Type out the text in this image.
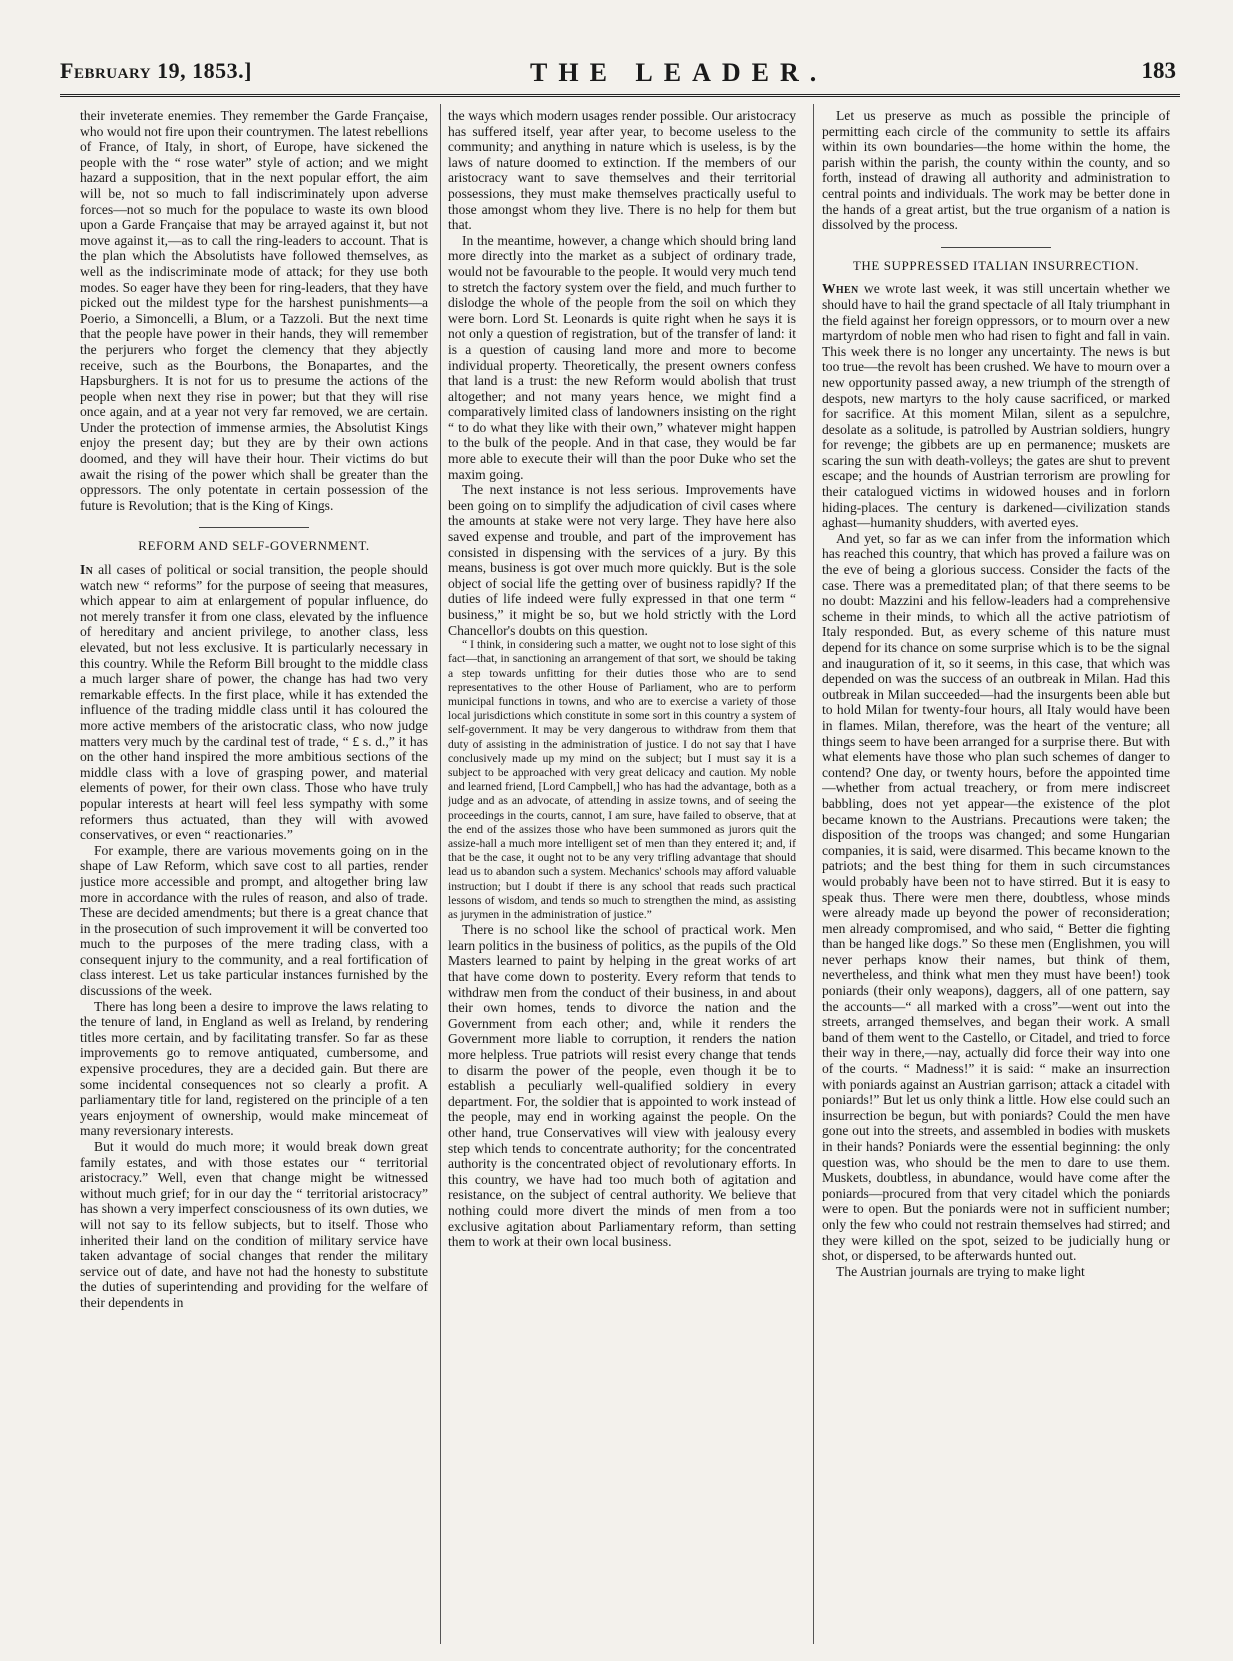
February 19, 1853.]	THE LEADER.	183

their inveterate enemies. They remember the Garde Française, who would not fire upon their countrymen. The latest rebellions of France, of Italy, in short, of Europe, have sickened the people with the “ rose water” style of action; and we might hazard a supposition, that in the next popular effort, the aim will be, not so much to fall indiscriminately upon adverse forces—not so much for the populace to waste its own blood upon a Garde Française that may be arrayed against it, but not move against it,—as to call the ring-leaders to account. That is the plan which the Absolutists have followed themselves, as well as the indiscriminate mode of attack; for they use both modes. So eager have they been for ring-leaders, that they have picked out the mildest type for the harshest punishments—a Poerio, a Simoncelli, a Blum, or a Tazzoli. But the next time that the people have power in their hands, they will remember the perjurers who forget the clemency that they abjectly receive, such as the Bourbons, the Bonapartes, and the Hapsburghers. It is not for us to presume the actions of the people when next they rise in power; but that they will rise once again, and at a year not very far removed, we are certain. Under the protection of immense armies, the Absolutist Kings enjoy the present day; but they are by their own actions doomed, and they will have their hour. Their victims do but await the rising of the power which shall be greater than the oppressors. The only potentate in certain possession of the future is Revolution; that is the King of Kings.

REFORM AND SELF-GOVERNMENT.

In all cases of political or social transition, the people should watch new “ reforms” for the purpose of seeing that measures, which appear to aim at enlargement of popular influence, do not merely transfer it from one class, elevated by the influence of hereditary and ancient privilege, to another class, less elevated, but not less exclusive. It is particularly necessary in this country. While the Reform Bill brought to the middle class a much larger share of power, the change has had two very remarkable effects. In the first place, while it has extended the influence of the trading middle class until it has coloured the more active members of the aristocratic class, who now judge matters very much by the cardinal test of trade, “ £ s. d.,” it has on the other hand inspired the more ambitious sections of the middle class with a love of grasping power, and material elements of power, for their own class. Those who have truly popular interests at heart will feel less sympathy with some reformers thus actuated, than they will with avowed conservatives, or even “ reactionaries.”

For example, there are various movements going on in the shape of Law Reform, which save cost to all parties, render justice more accessible and prompt, and altogether bring law more in accordance with the rules of reason, and also of trade. These are decided amendments; but there is a great chance that in the prosecution of such improvement it will be converted too much to the purposes of the mere trading class, with a consequent injury to the community, and a real fortification of class interest. Let us take particular instances furnished by the discussions of the week.

There has long been a desire to improve the laws relating to the tenure of land, in England as well as Ireland, by rendering titles more certain, and by facilitating transfer. So far as these improvements go to remove antiquated, cumbersome, and expensive procedures, they are a decided gain. But there are some incidental consequences not so clearly a profit. A parliamentary title for land, registered on the principle of a ten years enjoyment of ownership, would make mincemeat of many reversionary interests.

But it would do much more; it would break down great family estates, and with those estates our “ territorial aristocracy.” Well, even that change might be witnessed without much grief; for in our day the “ territorial aristocracy” has shown a very imperfect consciousness of its own duties, we will not say to its fellow subjects, but to itself. Those who inherited their land on the condition of military service have taken advantage of social changes that render the military service out of date, and have not had the honesty to substitute the duties of superintending and providing for the welfare of their dependents in

the ways which modern usages render possible. Our aristocracy has suffered itself, year after year, to become useless to the community; and anything in nature which is useless, is by the laws of nature doomed to extinction. If the members of our aristocracy want to save themselves and their territorial possessions, they must make themselves practically useful to those amongst whom they live. There is no help for them but that.

In the meantime, however, a change which should bring land more directly into the market as a subject of ordinary trade, would not be favourable to the people. It would very much tend to stretch the factory system over the field, and much further to dislodge the whole of the people from the soil on which they were born. Lord St. Leonards is quite right when he says it is not only a question of registration, but of the transfer of land: it is a question of causing land more and more to become individual property. Theoretically, the present owners confess that land is a trust: the new Reform would abolish that trust altogether; and not many years hence, we might find a comparatively limited class of landowners insisting on the right “ to do what they like with their own,” whatever might happen to the bulk of the people. And in that case, they would be far more able to execute their will than the poor Duke who set the maxim going.

The next instance is not less serious. Improvements have been going on to simplify the adjudication of civil cases where the amounts at stake were not very large. They have here also saved expense and trouble, and part of the improvement has consisted in dispensing with the services of a jury. By this means, business is got over much more quickly. But is the sole object of social life the getting over of business rapidly? If the duties of life indeed were fully expressed in that one term “ business,” it might be so, but we hold strictly with the Lord Chancellor's doubts on this question.

“ I think, in considering such a matter, we ought not to lose sight of this fact—that, in sanctioning an arrangement of that sort, we should be taking a step towards unfitting for their duties those who are to send representatives to the other House of Parliament, who are to perform municipal functions in towns, and who are to exercise a variety of those local jurisdictions which constitute in some sort in this country a system of self-government. It may be very dangerous to withdraw from them that duty of assisting in the administration of justice. I do not say that I have conclusively made up my mind on the subject; but I must say it is a subject to be approached with very great delicacy and caution. My noble and learned friend, [Lord Campbell,] who has had the advantage, both as a judge and as an advocate, of attending in assize towns, and of seeing the proceedings in the courts, cannot, I am sure, have failed to observe, that at the end of the assizes those who have been summoned as jurors quit the assize-hall a much more intelligent set of men than they entered it; and, if that be the case, it ought not to be any very trifling advantage that should lead us to abandon such a system. Mechanics' schools may afford valuable instruction; but I doubt if there is any school that reads such practical lessons of wisdom, and tends so much to strengthen the mind, as assisting as jurymen in the administration of justice.”

There is no school like the school of practical work. Men learn politics in the business of politics, as the pupils of the Old Masters learned to paint by helping in the great works of art that have come down to posterity. Every reform that tends to withdraw men from the conduct of their business, in and about their own homes, tends to divorce the nation and the Government from each other; and, while it renders the Government more liable to corruption, it renders the nation more helpless. True patriots will resist every change that tends to disarm the power of the people, even though it be to establish a peculiarly well-qualified soldiery in every department. For, the soldier that is appointed to work instead of the people, may end in working against the people. On the other hand, true Conservatives will view with jealousy every step which tends to concentrate authority; for the concentrated authority is the concentrated object of revolutionary efforts. In this country, we have had too much both of agitation and resistance, on the subject of central authority. We believe that nothing could more divert the minds of men from a too exclusive agitation about Parliamentary reform, than setting them to work at their own local business.

Let us preserve as much as possible the principle of permitting each circle of the community to settle its affairs within its own boundaries—the home within the home, the parish within the parish, the county within the county, and so forth, instead of drawing all authority and administration to central points and individuals. The work may be better done in the hands of a great artist, but the true organism of a nation is dissolved by the process.

THE SUPPRESSED ITALIAN INSURRECTION.

When we wrote last week, it was still uncertain whether we should have to hail the grand spectacle of all Italy triumphant in the field against her foreign oppressors, or to mourn over a new martyrdom of noble men who had risen to fight and fall in vain. This week there is no longer any uncertainty. The news is but too true—the revolt has been crushed. We have to mourn over a new opportunity passed away, a new triumph of the strength of despots, new martyrs to the holy cause sacrificed, or marked for sacrifice. At this moment Milan, silent as a sepulchre, desolate as a solitude, is patrolled by Austrian soldiers, hungry for revenge; the gibbets are up en permanence; muskets are scaring the sun with death-volleys; the gates are shut to prevent escape; and the hounds of Austrian terrorism are prowling for their catalogued victims in widowed houses and in forlorn hiding-places. The century is darkened—civilization stands aghast—humanity shudders, with averted eyes.

And yet, so far as we can infer from the information which has reached this country, that which has proved a failure was on the eve of being a glorious success. Consider the facts of the case. There was a premeditated plan; of that there seems to be no doubt: Mazzini and his fellow-leaders had a comprehensive scheme in their minds, to which all the active patriotism of Italy responded. But, as every scheme of this nature must depend for its chance on some surprise which is to be the signal and inauguration of it, so it seems, in this case, that which was depended on was the success of an outbreak in Milan. Had this outbreak in Milan succeeded—had the insurgents been able but to hold Milan for twenty-four hours, all Italy would have been in flames. Milan, therefore, was the heart of the venture; all things seem to have been arranged for a surprise there. But with what elements have those who plan such schemes of danger to contend? One day, or twenty hours, before the appointed time—whether from actual treachery, or from mere indiscreet babbling, does not yet appear—the existence of the plot became known to the Austrians. Precautions were taken; the disposition of the troops was changed; and some Hungarian companies, it is said, were disarmed. This became known to the patriots; and the best thing for them in such circumstances would probably have been not to have stirred. But it is easy to speak thus. There were men there, doubtless, whose minds were already made up beyond the power of reconsideration; men already compromised, and who said, “ Better die fighting than be hanged like dogs.” So these men (Englishmen, you will never perhaps know their names, but think of them, nevertheless, and think what men they must have been!) took poniards (their only weapons), daggers, all of one pattern, say the accounts—“ all marked with a cross”—went out into the streets, arranged themselves, and began their work. A small band of them went to the Castello, or Citadel, and tried to force their way in there,—nay, actually did force their way into one of the courts. “ Madness!” it is said: “ make an insurrection with poniards against an Austrian garrison; attack a citadel with poniards!” But let us only think a little. How else could such an insurrection be begun, but with poniards? Could the men have gone out into the streets, and assembled in bodies with muskets in their hands? Poniards were the essential beginning: the only question was, who should be the men to dare to use them. Muskets, doubtless, in abundance, would have come after the poniards—procured from that very citadel which the poniards were to open. But the poniards were not in sufficient number; only the few who could not restrain themselves had stirred; and they were killed on the spot, seized to be judicially hung or shot, or dispersed, to be afterwards hunted out.

The Austrian journals are trying to make light
